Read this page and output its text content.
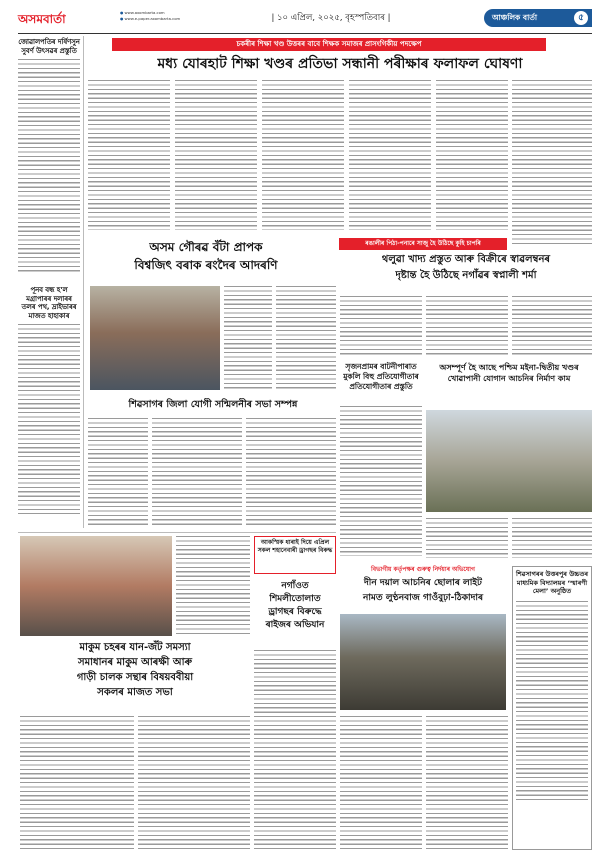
অসমবার্তা	● www.axombarta.com
● www.e-paper.axombarta.com	| ১০ এপ্ৰিল, ২০২৫, বৃহস্পতিবাৰ |	আঞ্চলিক বাৰ্তা	৫
জোৱালপতিৰ দৰ্ষিণসুন সুবৰ্ণ উৎসৱৰ প্ৰস্তুতি
পূনব বন্ধ হ'ল মগ্ৰাপাৰৰ দলাৰৰ তলৰ পথ, দ্ৰাইভাৰৰ মাজত হাহাকাৰ
চকৰীৰ শিক্ষা খণ্ড উত্তৰৰ বাবে শিক্ষক সমাজৰ প্ৰাসংগিকীয় পদক্ষেপ
মধ্য যোৰহাট শিক্ষা খণ্ডৰ প্ৰতিভা সন্ধানী পৰীক্ষাৰ ফলাফল ঘোষণা
ৰঙালীৰ পিঠা-পনাৰে সাজু হৈ উঠিছে কুহি চাপৰি
অসম গৌৰৱ বঁটা প্ৰাপক
বিশ্বজিৎ বৰাক ৰংদৈৰ আদৰণি	থলুৱা খাদ্য প্ৰস্তুত আৰু বিক্ৰীৰে স্বাৱলম্বনৰ
দৃষ্টান্ত হৈ উঠিছে নগাঁৱৰ স্বপ্নালী শৰ্মা
শিৱসাগৰ জিলা যোগী সন্মিলনীৰ সভা সম্পন্ন
সৃজনপ্ৰামৰ বাটনীপাৰাত মুকলি বিহু প্ৰতিযোগীতাৰ প্ৰতিযোগীতাৰ প্ৰস্তুতি
অসম্পূৰ্ণ হৈ আছে পশ্চিম মইনা-দ্বিতীয় খণ্ডৰ খোৱাপানী যোগান আচনিৰ নিৰ্মাণ কাম
আকস্মিক ধাৰাই দিয়ে এপ্ৰিল সকল শহানেবাৰী ড্ৰাগছৰ বিৰুদ্ধ
নগাঁওত
শিমলীতোলাত
ড্ৰাগছৰ বিৰুদ্ধে
ৰাইজৰ অভিযান
মাকুম চহৰৰ যান-জঁট সমস্যা
সমাধানৰ মাকুম আৰক্ষী আৰু
গাড়ী চালক সন্থাৰ বিষয়ববীয়া
সকলৰ মাজত সভা
বিভাগীয় কৰ্তৃপক্ষৰ গুৰুত্ব নিৰ্দয়াৰ অভিযোগ
দীন দয়াল আচনিৰ ছোলাৰ লাইট
নামত লুণ্ঠনবাজ গাওঁবুঢ়া-ঠিকাদাৰ
শিৱসাগৰৰ উত্তৰপুৰ উচ্চতৰ মাধ্যমিক বিদ্যালয়ৰ ‘স্মাৰণী মেলা’ অনুষ্ঠিত
